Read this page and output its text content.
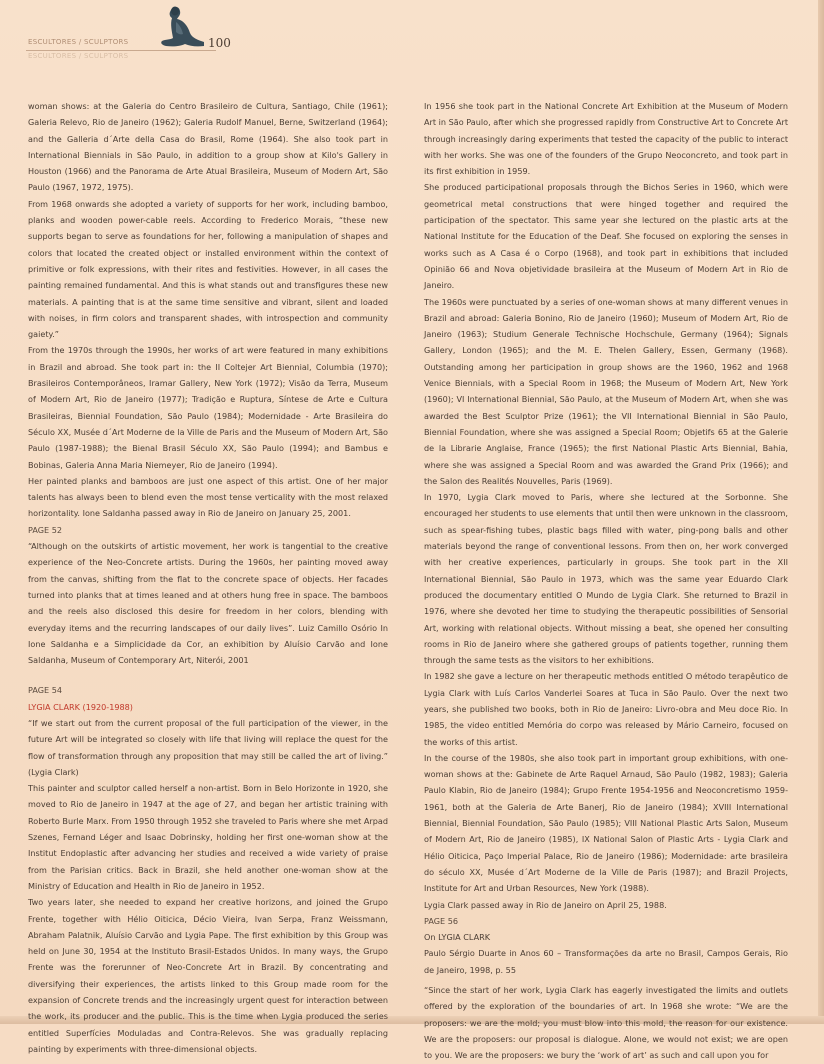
ESCULTORES / SCULPTORS
ESCULTORES / SCULPTORS
100

woman shows: at the Galeria do Centro Brasileiro de Cultura, Santiago, Chile (1961); Galeria Relevo, Rio de Janeiro (1962); Galeria Rudolf Manuel, Berne, Switzerland (1964); and the Galleria d´Arte della Casa do Brasil, Rome (1964). She also took part in International Biennials in São Paulo, in addition to a group show at Kilo's Gallery in Houston (1966) and the Panorama de Arte Atual Brasileira, Museum of Modern Art, São Paulo (1967, 1972, 1975).

From 1968 onwards she adopted a variety of supports for her work, including bamboo, planks and wooden power-cable reels. According to Frederico Morais, “these new supports began to serve as foundations for her, following a manipulation of shapes and colors that located the created object or installed environment within the context of primitive or folk expressions, with their rites and festivities. However, in all cases the painting remained fundamental. And this is what stands out and transfigures these new materials. A painting that is at the same time sensitive and vibrant, silent and loaded with noises, in firm colors and transparent shades, with introspection and community gaiety.”

From the 1970s through the 1990s, her works of art were featured in many exhibitions in Brazil and abroad. She took part in: the II Coltejer Art Biennial, Columbia (1970); Brasileiros Contemporâneos, Iramar Gallery, New York (1972); Visão da Terra, Museum of Modern Art, Rio de Janeiro (1977); Tradição e Ruptura, Síntese de Arte e Cultura Brasileiras, Biennial Foundation, São Paulo (1984); Modernidade - Arte Brasileira do Século XX, Musée d´Art Moderne de la Ville de Paris and the Museum of Modern Art, São Paulo (1987-1988); the Bienal Brasil Século XX, São Paulo (1994); and Bambus e Bobinas, Galeria Anna Maria Niemeyer, Rio de Janeiro (1994).

Her painted planks and bamboos are just one aspect of this artist. One of her major talents has always been to blend even the most tense verticality with the most relaxed horizontality. Ione Saldanha passed away in Rio de Janeiro on January 25, 2001.

PAGE 52

“Although on the outskirts of artistic movement, her work is tangential to the creative experience of the Neo-Concrete artists. During the 1960s, her painting moved away from the canvas, shifting from the flat to the concrete space of objects. Her facades turned into planks that at times leaned and at others hung free in space. The bamboos and the reels also disclosed this desire for freedom in her colors, blending with everyday items and the recurring landscapes of our daily lives”. Luiz Camillo Osório In Ione Saldanha e a Simplicidade da Cor, an exhibition by Aluísio Carvão and Ione Saldanha, Museum of Contemporary Art, Niterói, 2001

PAGE 54

LYGIA CLARK (1920-1988)

“If we start out from the current proposal of the full participation of the viewer, in the future Art will be integrated so closely with life that living will replace the quest for the flow of transformation through any proposition that may still be called the art of living.” (Lygia Clark)

This painter and sculptor called herself a non-artist. Born in Belo Horizonte in 1920, she moved to Rio de Janeiro in 1947 at the age of 27, and began her artistic training with Roberto Burle Marx. From 1950 through 1952 she traveled to Paris where she met Arpad Szenes, Fernand Léger and Isaac Dobrinsky, holding her first one-woman show at the Institut Endoplastic after advancing her studies and received a wide variety of praise from the Parisian critics. Back in Brazil, she held another one-woman show at the Ministry of Education and Health in Rio de Janeiro in 1952.

Two years later, she needed to expand her creative horizons, and joined the Grupo Frente, together with Hélio Oiticica, Décio Vieira, Ivan Serpa, Franz Weissmann, Abraham Palatnik, Aluísio Carvão and Lygia Pape. The first exhibition by this Group was held on June 30, 1954 at the Instituto Brasil-Estados Unidos. In many ways, the Grupo Frente was the forerunner of Neo-Concrete Art in Brazil. By concentrating and diversifying their experiences, the artists linked to this Group made room for the expansion of Concrete trends and the increasingly urgent quest for interaction between the work, its producer and the public. This is the time when Lygia produced the series entitled Superfícies Moduladas and Contra-Relevos. She was gradually replacing painting by experiments with three-dimensional objects.

In 1956 she took part in the National Concrete Art Exhibition at the Museum of Modern Art in São Paulo, after which she progressed rapidly from Constructive Art to Concrete Art through increasingly daring experiments that tested the capacity of the public to interact with her works. She was one of the founders of the Grupo Neoconcreto, and took part in its first exhibition in 1959.

She produced participational proposals through the Bichos Series in 1960, which were geometrical metal constructions that were hinged together and required the participation of the spectator. This same year she lectured on the plastic arts at the National Institute for the Education of the Deaf. She focused on exploring the senses in works such as A Casa é o Corpo (1968), and took part in exhibitions that included Opinião 66 and Nova objetividade brasileira at the Museum of Modern Art in Rio de Janeiro.

The 1960s were punctuated by a series of one-woman shows at many different venues in Brazil and abroad: Galeria Bonino, Rio de Janeiro (1960); Museum of Modern Art, Rio de Janeiro (1963); Studium Generale Technische Hochschule, Germany (1964); Signals Gallery, London (1965); and the M. E. Thelen Gallery, Essen, Germany (1968). Outstanding among her participation in group shows are the 1960, 1962 and 1968 Venice Biennials, with a Special Room in 1968; the Museum of Modern Art, New York (1960); VI International Biennial, São Paulo, at the Museum of Modern Art, when she was awarded the Best Sculptor Prize (1961); the VII International Biennial in São Paulo, Biennial Foundation, where she was assigned a Special Room; Objetifs 65 at the Galerie de la Librarie Anglaise, France (1965); the first National Plastic Arts Biennial, Bahia, where she was assigned a Special Room and was awarded the Grand Prix (1966); and the Salon des Realités Nouvelles, Paris (1969).

In 1970, Lygia Clark moved to Paris, where she lectured at the Sorbonne. She encouraged her students to use elements that until then were unknown in the classroom, such as spear-fishing tubes, plastic bags filled with water, ping-pong balls and other materials beyond the range of conventional lessons. From then on, her work converged with her creative experiences, particularly in groups. She took part in the XII International Biennial, São Paulo in 1973, which was the same year Eduardo Clark produced the documentary entitled O Mundo de Lygia Clark. She returned to Brazil in 1976, where she devoted her time to studying the therapeutic possibilities of Sensorial Art, working with relational objects. Without missing a beat, she opened her consulting rooms in Rio de Janeiro where she gathered groups of patients together, running them through the same tests as the visitors to her exhibitions.

In 1982 she gave a lecture on her therapeutic methods entitled O método terapêutico de Lygia Clark with Luís Carlos Vanderlei Soares at Tuca in São Paulo. Over the next two years, she published two books, both in Rio de Janeiro: Livro-obra and Meu doce Rio. In 1985, the video entitled Memória do corpo was released by Mário Carneiro, focused on the works of this artist.

In the course of the 1980s, she also took part in important group exhibitions, with one-woman shows at the: Gabinete de Arte Raquel Arnaud, São Paulo (1982, 1983); Galeria Paulo Klabin, Rio de Janeiro (1984); Grupo Frente 1954-1956 and Neoconcretismo 1959-1961, both at the Galeria de Arte Banerj, Rio de Janeiro (1984); XVIII International Biennial, Biennial Foundation, São Paulo (1985); VIII National Plastic Arts Salon, Museum of Modern Art, Rio de Janeiro (1985), IX National Salon of Plastic Arts - Lygia Clark and Hélio Oiticica, Paço Imperial Palace, Rio de Janeiro (1986); Modernidade: arte brasileira do século XX, Musée d´Art Moderne de la Ville de Paris (1987); and Brazil Projects, Institute for Art and Urban Resources, New York (1988).

Lygia Clark passed away in Rio de Janeiro on April 25, 1988.

PAGE 56

On LYGIA CLARK

Paulo Sérgio Duarte in Anos 60 – Transformações da arte no Brasil, Campos Gerais, Rio de Janeiro, 1998, p. 55

“Since the start of her work, Lygia Clark has eagerly investigated the limits and outlets offered by the exploration of the boundaries of art. In 1968 she wrote: “We are the proposers: we are the mold; you must blow into this mold, the reason for our existence. We are the proposers: our proposal is dialogue. Alone, we would not exist; we are open to you. We are the proposers: we bury the ‘work of art’ as such and call upon you for
